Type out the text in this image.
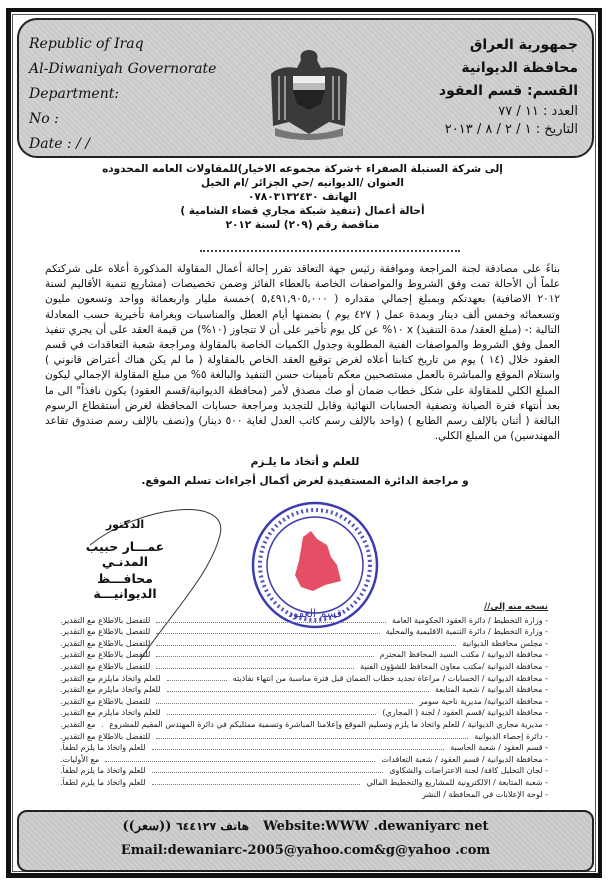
Republic of Iraq
Al-Diwaniyah Governorate
Department:
No :
Date : / /
جمهورية العراق
محافظة الديوانية
القسم: قسم العقود
العدد : ١١ / ٧٧
التاريخ : ١ / ٢ / ٨ / ٢٠١٣
إلى شركة السنبلة الصفراء +شركة مجموعه الاخيار)للمقاولات العامه المحدوده
العنوان /الديوانيه /حي الجزائر /ام الخيل
الهاتف ٠٧٨٠٣١٣٢٤٣٠
أحالة أعمال (تنفيذ شبكة مجاري قضاء الشامية )
مناقصة رقم (٢٠٩) لسنة ٢٠١٢

بناءً على مصادقة لجنة المراجعة وموافقة رئيس جهة التعاقد تقرر إحالة أعمال المقاولة المذكورة أعلاه على شركتكم علماً أن الأحالة تمت وفق الشروط والمواصفات الخاصة بالعطاء الفائز وضمن تخصيصات (مشاريع تنمية الأقاليم لسنة ٢٠١٢ الاضافية) بعهدتكم وبمبلغ إجمالي مقداره ( ٥,٤٩١,٩٠٥,٠٠٠ )خمسة مليار واربعمائة وواحد وتسعون مليون وتسعمائه وخمس ألف دينار وبمدة عمل ( ٤٢٧ يوم ) بضمنها أيام العطل والمناسبات وبغرامة تأخيرية حسب المعادلة التالية :- (مبلغ العقد/ مدة التنفيذ) x ١٠% عن كل يوم تأخير على أن لا تتجاوز (١٠%) من قيمة العقد على أن يجري تنفيذ العمل وفق الشروط والمواصفات الفنية المطلوبة وجدول الكميات الخاصة بالمقاولة ومراجعة شعبة التعاقدات في قسم العقود خلال (١٤ ) يوم من تاريخ كتابنا أعلاه لغرض توقيع العقد الخاص بالمقاولة ( ما لم يكن هناك أعتراض قانوني ) واستلام الموقع والمباشرة بالعمل مستصحبين معكم تأمينات حسن التنفيذ والبالغة ٥% من مبلغ المقاولة الإجمالي ليكون المبلغ الكلي للمقاولة على شكل خطاب ضمان أو صك مصدق لأمر (محافظة الديوانية/قسم العقود) يكون نافذاً" الى ما بعد أنتهاء فترة الصيانة وتصفية الحسابات النهائية وقابل للتجديد ومراجعة حسابات المحافظة لغرض أستقطاع الرسوم البالغة ( أثنان بالإلف رسم الطابع ) (واحد بالإلف رسم كاتب العدل لغاية ٥٠٠ دينار) و(نصف بالإلف رسم صندوق تقاعد المهندسين) من المبلغ الكلي.

للعلم و أتخاذ ما يلـزم
و مراجعة الدائرة المستفيدة لغرض أكمال أجراءات تسلم الموقع.
الدكتور
عمـــار حبيب المدنـي
محافـــظ الديوانيـــة
قسم العقود	نسخه منه إلى//
- وزارة التخطيط / دائرة العقود الحكومية العامة
للتفضل بالاطلاع مع التقدير.
- وزارة التخطيط / دائرة التنمية الاقليمية والمحلية
للتفضل بالاطلاع مع التقدير.
- مجلس محافظة الديوانية
للتفضل بالاطلاع مع التقدير.
- محافظة الديوانية / مكتب السيد المحافظ المحترم
للتفضل بالاطلاع مع التقدير.
- محافظة الديوانية /مكتب معاون المحافظ للشؤون الفنية
للتفضل بالاطلاع مع التقدير.
- محافظة الديوانية / الحسابات / مراعاة تجديد خطاب الضمان قبل فترة مناسبة من انتهاء نفاذيته
للعلم واتخاذ مايلزم مع التقدير.
- محافظة الديوانية / شعبة المتابعة
للعلم واتخاذ مايلزم مع التقدير.
- محافظة الديوانية/ مديرية ناحية سومر
للتفضل بالاطلاع مع التقدير.
- محافظة الديوانية /قسم العقود / لجنة ( المجاري)
للعلم واتخاذ مايلزم مع التقدير.
- مديرية مجاري الديوانية / للعلم واتخاذ ما يلزم وتسليم الموقع وإعلامنا المباشرة وتسمية ممثليكم في دائرة المهندس المقيم للمشروع
مع التقدير.
- دائرة إحصاء الديوانية
للتفضل بالاطلاع مع التقدير.
- قسم العقود / شعبة الحاسبة
للعلم واتخاذ ما يلزم لطفاً.
- محافظة الديوانية / قسم العقود / شعبة التعاقدات
مع الأوليات.
- لجان التحليل كافة/ لجنة الاعتراضات والشكاوى
للعلم واتخاذ ما يلزم لطفاً.
- شعبة المتابعة / الالكترونية للمشاريع والتخطيط المالي
للعلم واتخاذ ما يلزم لطفاً.
- لوحة الإعلانات في المحافظة / النشر
هاتف ٦٤٤١٢٧ ((سعر))	Website:WWW .dewaniyarc net
Email:dewaniarc-2005@yahoo.com&g@yahoo .com
